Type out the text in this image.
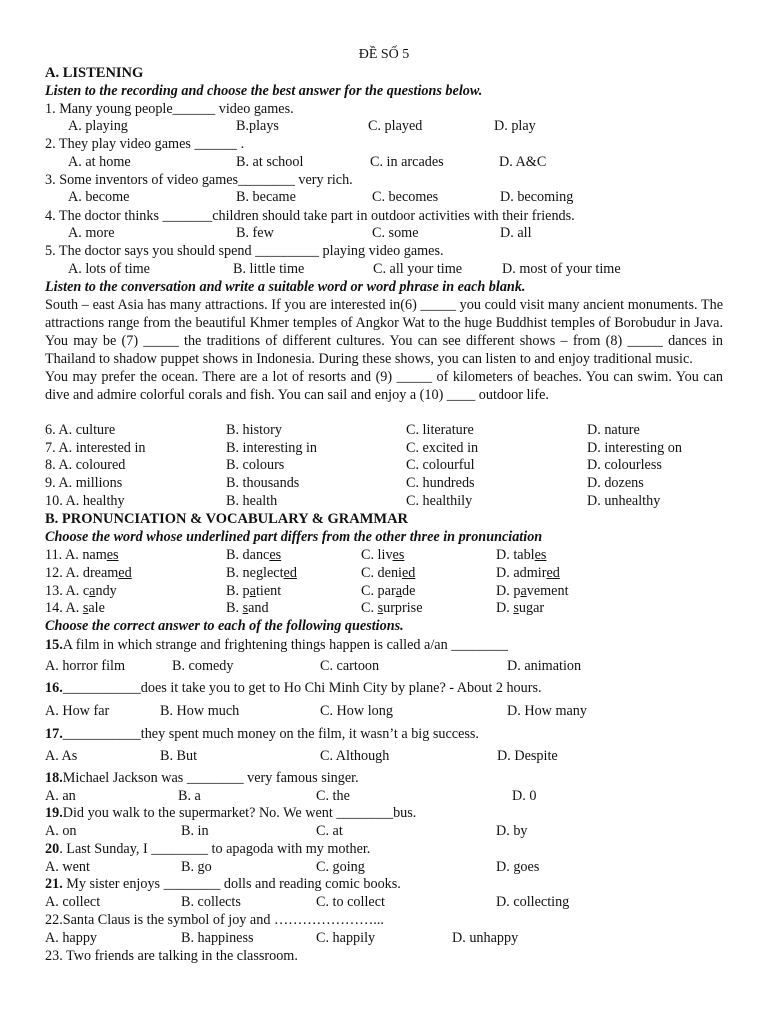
ĐỀ SỐ 5
A. LISTENING
Listen to the recording and choose the best answer for the questions below.
1. Many young people______ video games.
A. playing	B.plays	C. played	D. play
2. They play video games ______ .
A. at home	B. at school	C. in arcades	D. A&C
3. Some inventors of video games________ very rich.
A. become	B. became	C. becomes	D. becoming
4. The doctor thinks _______children should take part in outdoor activities with their friends.
A. more	B. few	C. some	D. all
5. The doctor says you should spend _________ playing video games.
A. lots of time	B. little time	C. all your time	D. most of your time
Listen to the conversation and write a suitable word or word phrase in each blank.

South – east Asia has many attractions. If you are interested in(6) _____ you could visit many ancient monuments. The attractions range from the beautiful Khmer temples of Angkor Wat to the huge Buddhist temples of Borobudur in Java. You may be (7) _____ the traditions of different cultures. You can see different shows – from (8) _____ dances in Thailand to shadow puppet shows in Indonesia. During these shows, you can listen to and enjoy traditional music.

You may prefer the ocean. There are a lot of resorts and (9) _____ of kilometers of beaches. You can swim. You can dive and admire colorful corals and fish. You can sail and enjoy a (10) ____ outdoor life.

6. A. culture	B. history	C. literature	D. nature
7. A. interested in	B. interesting in	C. excited in	D. interesting on
8. A. coloured	B. colours	C. colourful	D. colourless
9. A. millions	B. thousands	C. hundreds	D. dozens
10. A. healthy	B. health	C. healthily	D. unhealthy
B. PRONUNCIATION & VOCABULARY & GRAMMAR
Choose the word whose underlined part differs from the other three in pronunciation
11. A. names	B. dances	C. lives	D. tables
12. A. dreamed	B. neglected	C. denied	D. admired
13. A. candy	B. patient	C. parade	D. pavement
14. A. sale	B. sand	C. surprise	D. sugar
Choose the correct answer to each of the following questions.
15.A film in which strange and frightening things happen is called a/an ________
A. horror film	B. comedy	C. cartoon	D. animation
16.___________does it take you to get to Ho Chi Minh City by plane? - About 2 hours.
A. How far	B. How much	C. How long	D. How many
17.___________they spent much money on the film, it wasn’t a big success.
A. As	B. But	C. Although	D. Despite
18.Michael Jackson was ________ very famous singer.
A. an	B. a	C. the	D. 0
19.Did you walk to the supermarket? No. We went ________bus.
A. on	B. in	C. at	D. by
20. Last Sunday, I ________ to apagoda with my mother.
A. went	B. go	C. going	D. goes
21. My sister enjoys ________ dolls and reading comic books.
A. collect	B. collects	C. to collect	D. collecting
22.Santa Claus is the symbol of joy and …………………...
A. happy	B. happiness	C. happily	D. unhappy
23. Two friends are talking in the classroom.
